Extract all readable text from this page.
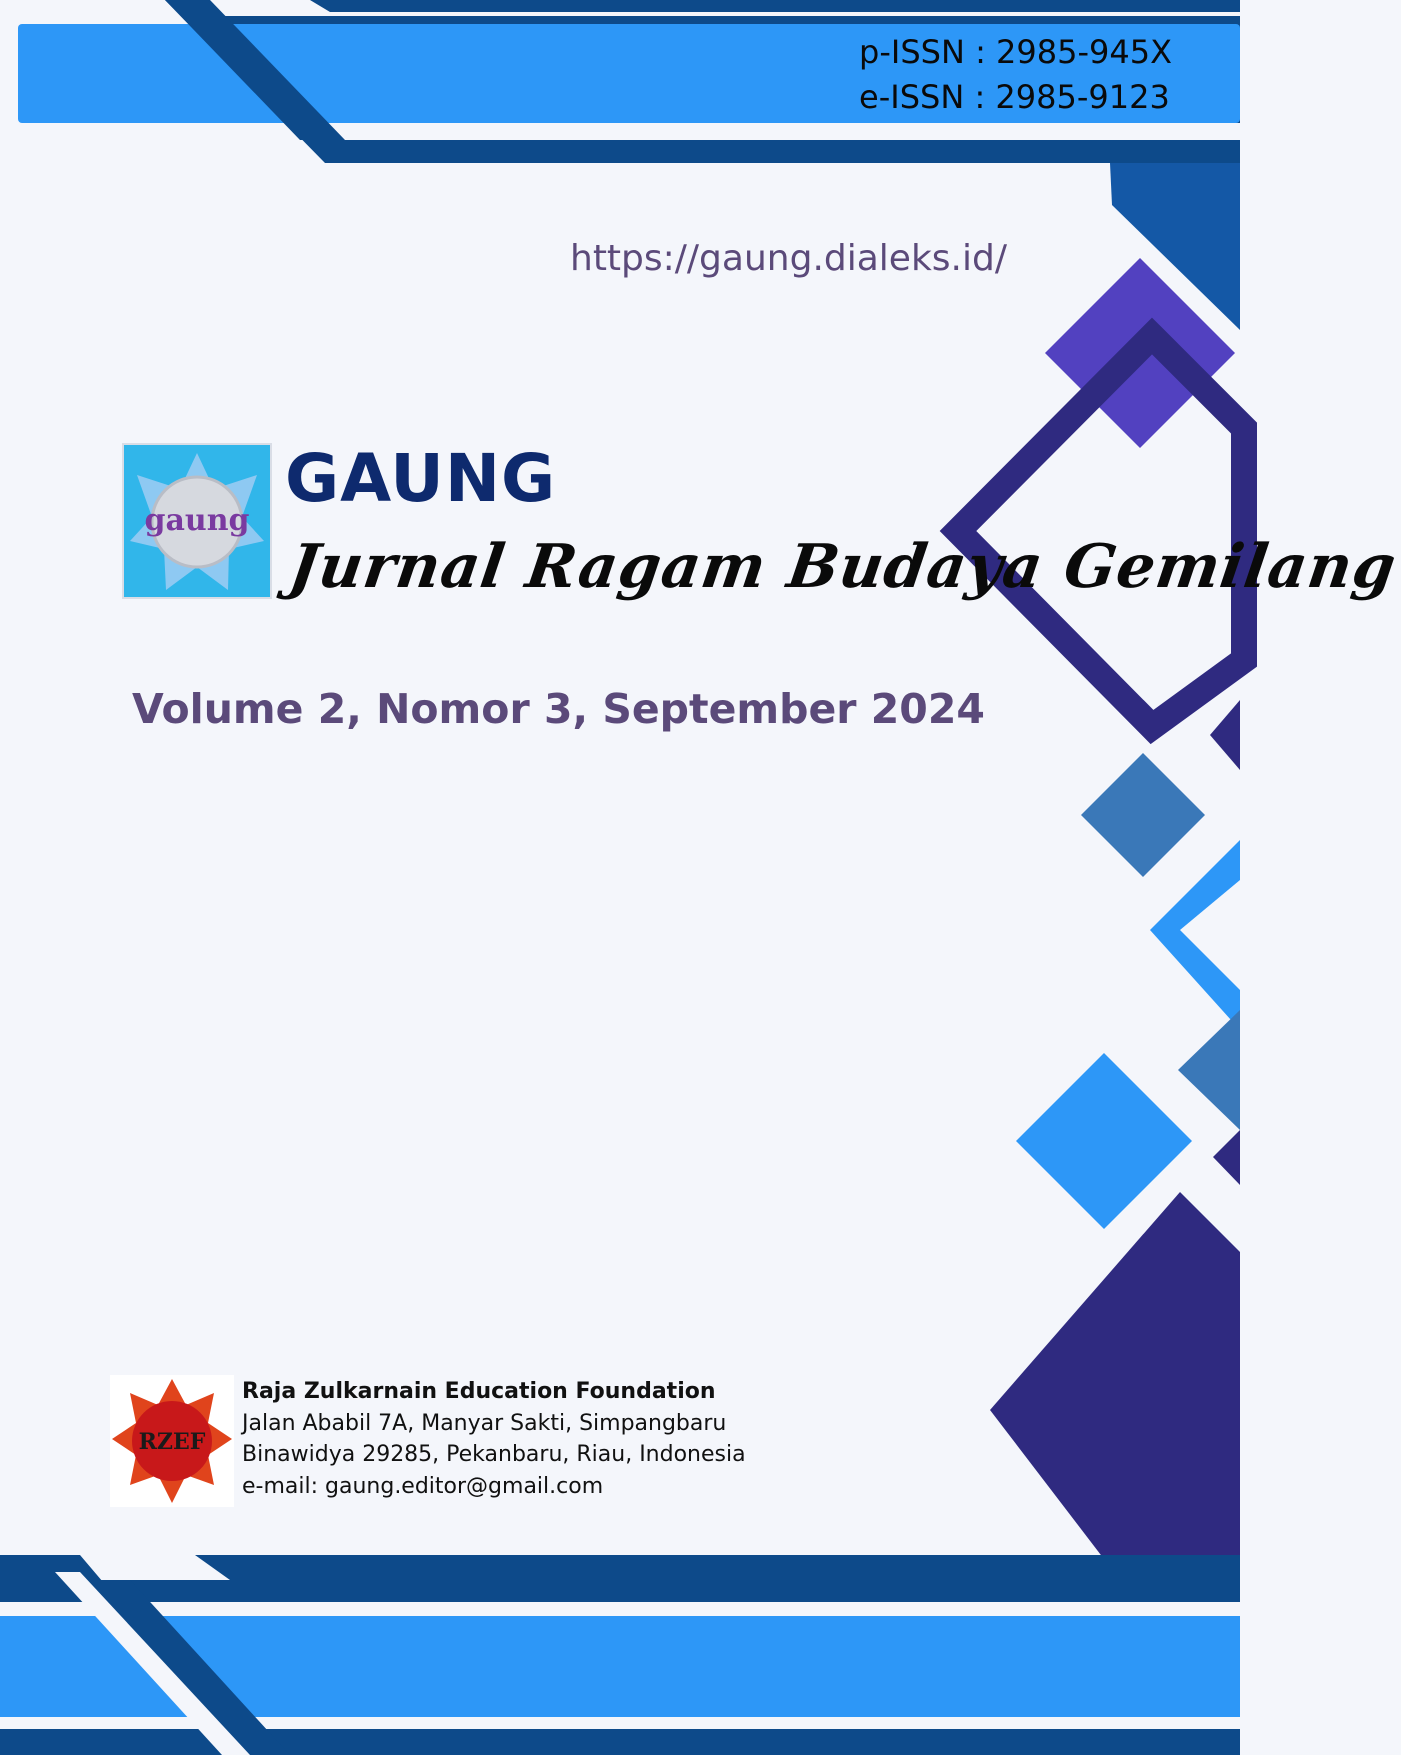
p-ISSN : 2985-945X
e-ISSN : 2985-9123
https://gaung.dialeks.id/
gaung
GAUNG
Jurnal Ragam Budaya Gemilang
Volume 2, Nomor 3, September 2024
RZEF
Raja Zulkarnain Education Foundation
Jalan Ababil 7A, Manyar Sakti, Simpangbaru
Binawidya 29285, Pekanbaru, Riau, Indonesia
e-mail: gaung.editor@gmail.com
